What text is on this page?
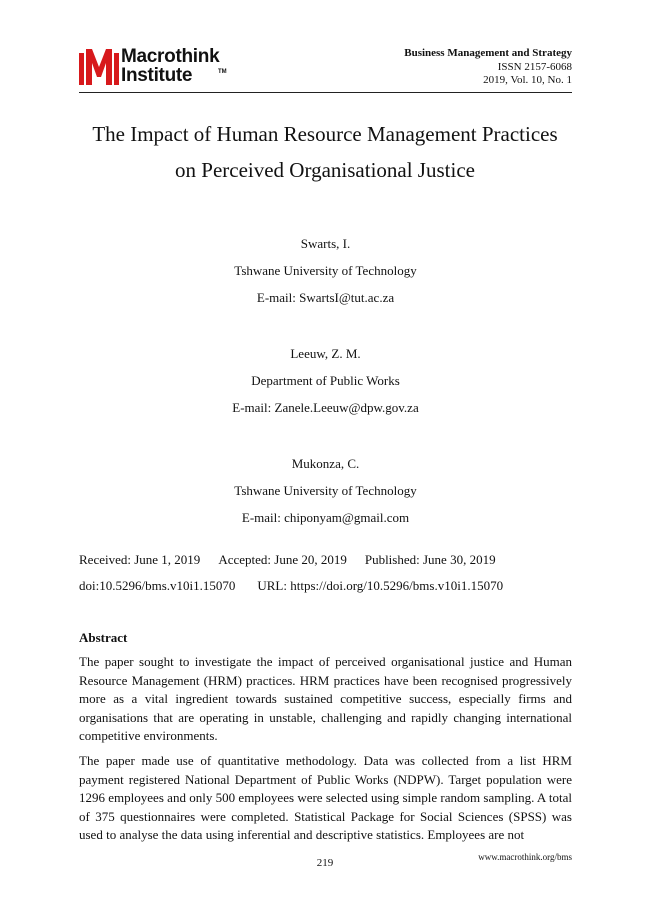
Macrothink
Institute	TM
Business Management and Strategy
ISSN 2157-6068
2019, Vol. 10, No. 1
The Impact of Human Resource Management Practices
on Perceived Organisational Justice
Swarts, I.
Tshwane University of Technology
E-mail: SwartsI@tut.ac.za
Leeuw, Z. M.
Department of Public Works
E-mail: Zanele.Leeuw@dpw.gov.za
Mukonza, C.
Tshwane University of Technology
E-mail: chiponyam@gmail.com
Received: June 1, 2019 Accepted: June 20, 2019 Published: June 30, 2019
doi:10.5296/bms.v10i1.15070 URL: https://doi.org/10.5296/bms.v10i1.15070
Abstract

The paper sought to investigate the impact of perceived organisational justice and Human Resource Management (HRM) practices. HRM practices have been recognised progressively more as a vital ingredient towards sustained competitive success, especially firms and organisations that are operating in unstable, challenging and rapidly changing international competitive environments.

The paper made use of quantitative methodology. Data was collected from a list HRM payment registered National Department of Public Works (NDPW). Target population were 1296 employees and only 500 employees were selected using simple random sampling. A total of 375 questionnaires were completed. Statistical Package for Social Sciences (SPSS) was used to analyse the data using inferential and descriptive statistics. Employees are not

www.macrothink.org/bms
219
